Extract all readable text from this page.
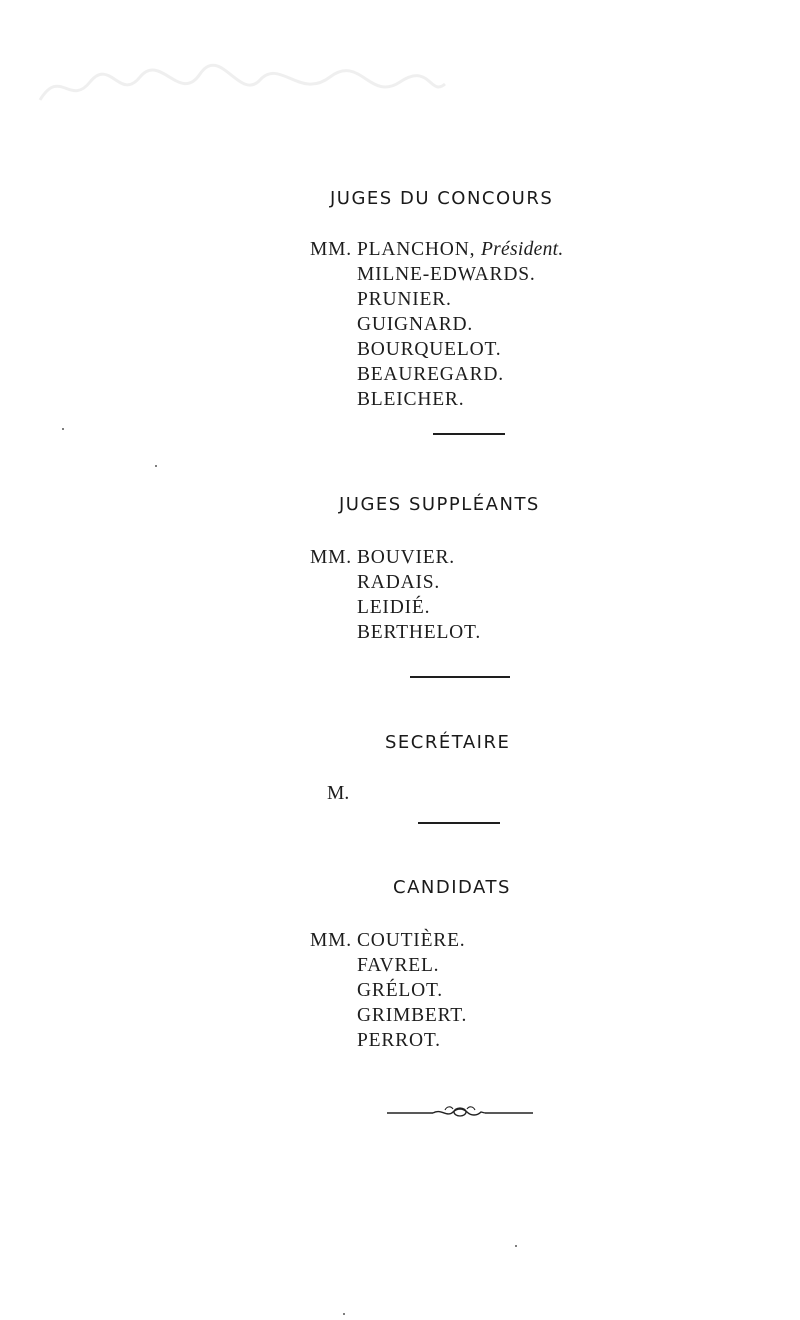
JUGES DU CONCOURS
MM. PLANCHON, Président.
MILNE-EDWARDS.
PRUNIER.
GUIGNARD.
BOURQUELOT.
BEAUREGARD.
BLEICHER.
JUGES SUPPLÉANTS
MM. BOUVIER.
RADAIS.
LEIDIÉ.
BERTHELOT.
SECRÉTAIRE
M.
CANDIDATS
MM. COUTIÈRE.
FAVREL.
GRÉLOT.
GRIMBERT.
PERROT.
